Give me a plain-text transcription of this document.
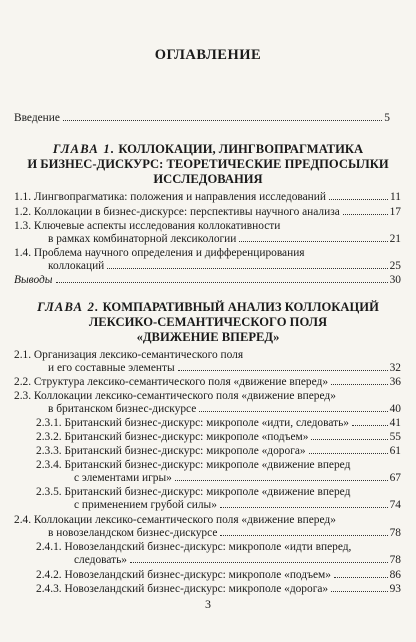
ОГЛАВЛЕНИЕ
Введение	5
ГЛАВА 1. КОЛЛОКАЦИИ, ЛИНГВОПРАГМАТИКА
И БИЗНЕС-ДИСКУРС: ТЕОРЕТИЧЕСКИЕ ПРЕДПОСЫЛКИ
ИССЛЕДОВАНИЯ
1.1. Лингвопрагматика: положения и направления исследований	11
1.2. Коллокации в бизнес-дискурсе: перспективы научного анализа	17
1.3. Ключевые аспекты исследования коллокативности
в рамках комбинаторной лексикологии	21
1.4. Проблема научного определения и дифференцирования
коллокаций	25
Выводы	30
ГЛАВА 2. КОМПАРАТИВНЫЙ АНАЛИЗ КОЛЛОКАЦИЙ
ЛЕКСИКО-СЕМАНТИЧЕСКОГО ПОЛЯ
«ДВИЖЕНИЕ ВПЕРЕД»
2.1. Организация лексико-семантического поля
и его составные элементы	32
2.2. Структура лексико-семантического поля «движение вперед»	36
2.3. Коллокации лексико-семантического поля «движение вперед»
в британском бизнес-дискурсе	40
2.3.1. Британский бизнес-дискурс: микрополе «идти, следовать»	41
2.3.2. Британский бизнес-дискурс: микрополе «подъем»	55
2.3.3. Британский бизнес-дискурс: микрополе «дорога»	61
2.3.4. Британский бизнес-дискурс: микрополе «движение вперед
с элементами игры»	67
2.3.5. Британский бизнес-дискурс: микрополе «движение вперед
с применением грубой силы»	74
2.4. Коллокации лексико-семантического поля «движение вперед»
в новозеландском бизнес-дискурсе	78
2.4.1. Новозеландский бизнес-дискурс: микрополе «идти вперед,
следовать»	78
2.4.2. Новозеландский бизнес-дискурс: микрополе «подъем»	86
2.4.3. Новозеландский бизнес-дискурс: микрополе «дорога»	93
3
